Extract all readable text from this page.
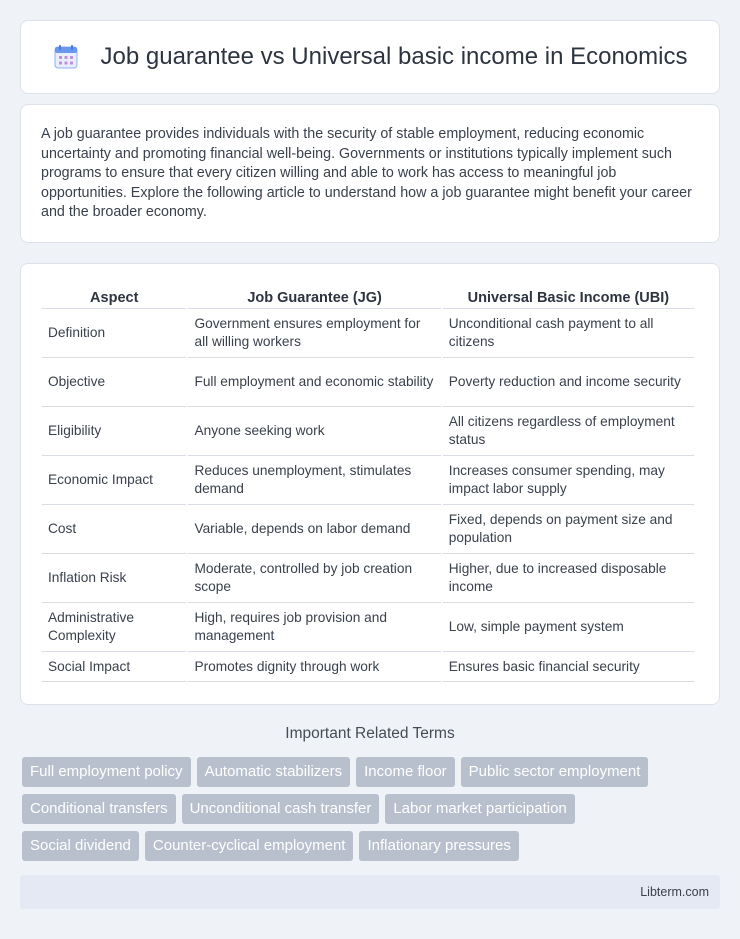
Job guarantee vs Universal basic income in Economics

A job guarantee provides individuals with the security of stable employment, reducing economic uncertainty and promoting financial well-being. Governments or institutions typically implement such programs to ensure that every citizen willing and able to work has access to meaningful job opportunities. Explore the following article to understand how a job guarantee might benefit your career and the broader economy.

Aspect	Job Guarantee (JG)	Universal Basic Income (UBI)
Definition	Government ensures employment for all willing workers	Unconditional cash payment to all citizens
Objective	Full employment and economic stability	Poverty reduction and income security
Eligibility	Anyone seeking work	All citizens regardless of employment status
Economic Impact	Reduces unemployment, stimulates demand	Increases consumer spending, may impact labor supply
Cost	Variable, depends on labor demand	Fixed, depends on payment size and population
Inflation Risk	Moderate, controlled by job creation scope	Higher, due to increased disposable income
Administrative Complexity	High, requires job provision and management	Low, simple payment system
Social Impact	Promotes dignity through work	Ensures basic financial security
Important Related Terms
Full employment policy	Automatic stabilizers	Income floor	Public sector employment
Conditional transfers	Unconditional cash transfer	Labor market participation
Social dividend	Counter-cyclical employment	Inflationary pressures
Libterm.com
